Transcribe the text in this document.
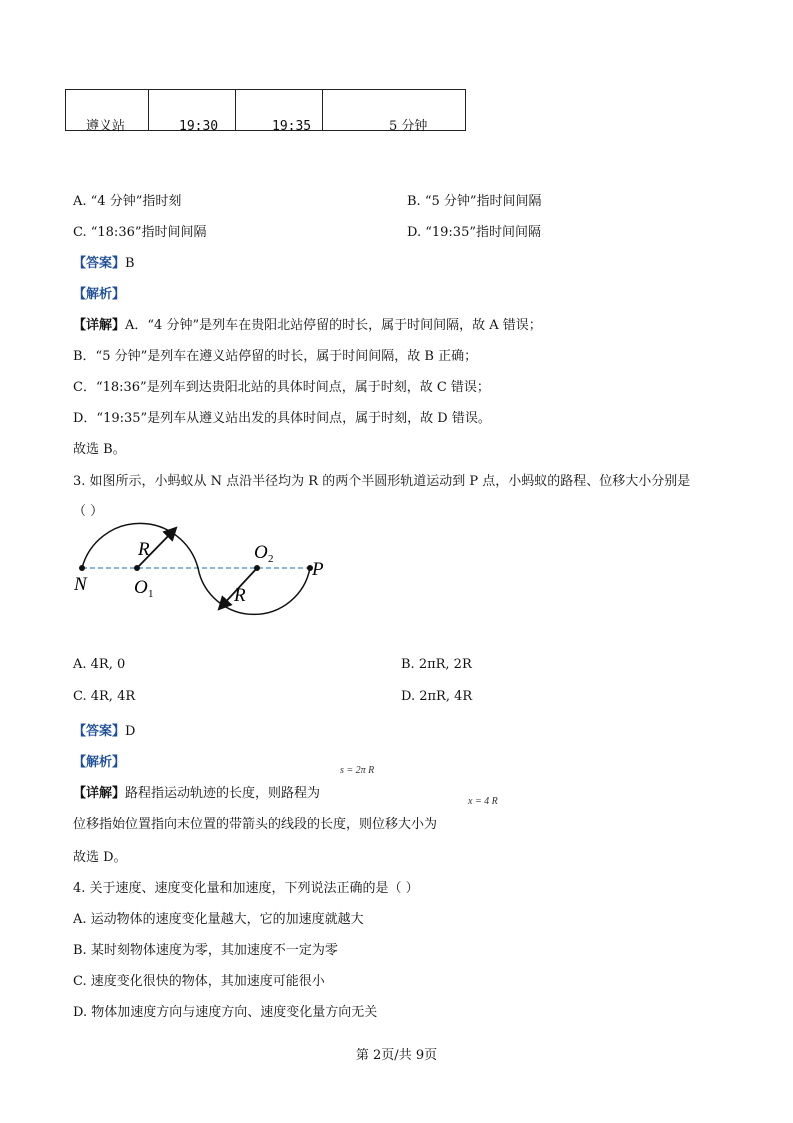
遵义站	19:30	19:35	5 分钟
A. “4 分钟”指时刻	B. “5 分钟”指时间间隔
C. “18:36”指时间间隔	D. “19:35”指时间间隔
【答案】B
【解析】
【详解】A．“4 分钟”是列车在贵阳北站停留的时长，属于时间间隔，故 A 错误；
B．“5 分钟”是列车在遵义站停留的时长，属于时间间隔，故 B 正确；
C．“18:36”是列车到达贵阳北站的具体时间点，属于时刻，故 C 错误；
D．“19:35”是列车从遵义站出发的具体时间点，属于时刻，故 D 错误。
故选 B。
3. 如图所示，小蚂蚁从 N 点沿半径均为 R 的两个半圆形轨道运动到 P 点，小蚂蚁的路程、位移大小分别是
（ ）
N O 1
O 2 P
R
R
A. 4R, 0	B. 2πR, 2R
C. 4R, 4R	D. 2πR, 4R
【答案】D
【解析】
s = 2π R
【详解】路程指运动轨迹的长度，则路程为
x = 4 R
位移指始位置指向末位置的带箭头的线段的长度，则位移大小为
故选 D。
4. 关于速度、速度变化量和加速度，下列说法正确的是（ ）
A. 运动物体的速度变化量越大，它的加速度就越大
B. 某时刻物体速度为零，其加速度不一定为零
C. 速度变化很快的物体，其加速度可能很小
D. 物体加速度方向与速度方向、速度变化量方向无关
第 2页/共 9页
